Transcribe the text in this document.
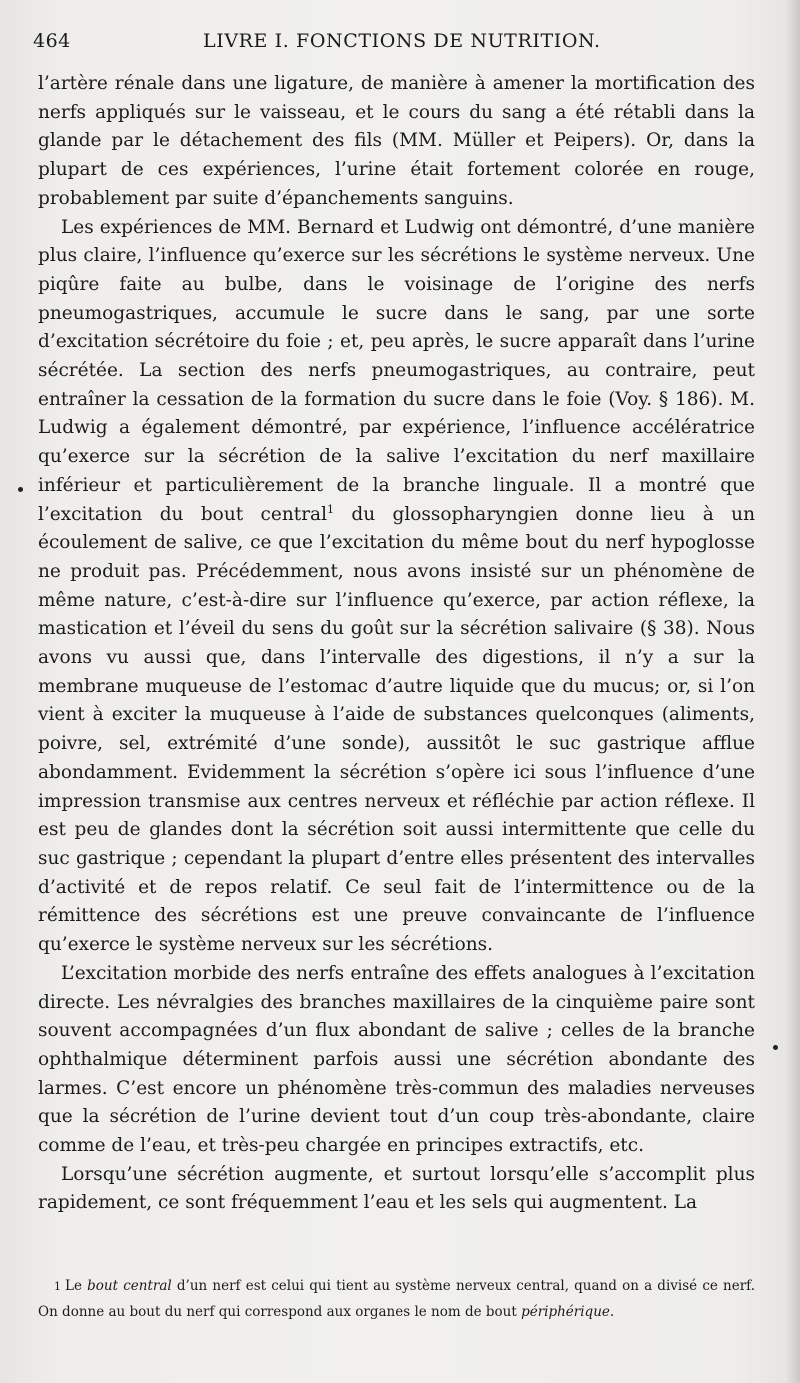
464	LIVRE I. FONCTIONS DE NUTRITION.

l’artère rénale dans une ligature, de manière à amener la mortification des nerfs appliqués sur le vaisseau, et le cours du sang a été rétabli dans la glande par le détachement des fils (MM. Müller et Peipers). Or, dans la plupart de ces expériences, l’urine était fortement colorée en rouge, probablement par suite d’épanchements sanguins.

Les expériences de MM. Bernard et Ludwig ont démontré, d’une manière plus claire, l’influence qu’exerce sur les sécrétions le système nerveux. Une piqûre faite au bulbe, dans le voisinage de l’origine des nerfs pneumogastriques, accumule le sucre dans le sang, par une sorte d’excitation sécrétoire du foie ; et, peu après, le sucre apparaît dans l’urine sécrétée. La section des nerfs pneumogastriques, au contraire, peut entraîner la cessation de la formation du sucre dans le foie (Voy. § 186). M. Ludwig a également démontré, par expérience, l’influence accélératrice qu’exerce sur la sécrétion de la salive l’excitation du nerf maxillaire inférieur et particulièrement de la branche linguale. Il a montré que l’excitation du bout central$^1$ du glossopharyngien donne lieu à un écoulement de salive, ce que l’excitation du même bout du nerf hypoglosse ne produit pas. Précédemment, nous avons insisté sur un phénomène de même nature, c’est-à-dire sur l’influence qu’exerce, par action réflexe, la mastication et l’éveil du sens du goût sur la sécrétion salivaire (§ 38). Nous avons vu aussi que, dans l’intervalle des digestions, il n’y a sur la membrane muqueuse de l’estomac d’autre liquide que du mucus; or, si l’on vient à exciter la muqueuse à l’aide de substances quelconques (aliments, poivre, sel, extrémité d’une sonde), aussitôt le suc gastrique afflue abondamment. Evidemment la sécrétion s’opère ici sous l’influence d’une impression transmise aux centres nerveux et réfléchie par action réflexe. Il est peu de glandes dont la sécrétion soit aussi intermittente que celle du suc gastrique ; cependant la plupart d’entre elles présentent des intervalles d’activité et de repos relatif. Ce seul fait de l’intermittence ou de la rémittence des sécrétions est une preuve convaincante de l’influence qu’exerce le système nerveux sur les sécrétions.

L’excitation morbide des nerfs entraîne des effets analogues à l’excitation directe. Les névralgies des branches maxillaires de la cinquième paire sont souvent accompagnées d’un flux abondant de salive ; celles de la branche ophthalmique déterminent parfois aussi une sécrétion abondante des larmes. C’est encore un phénomène très-commun des maladies nerveuses que la sécrétion de l’urine devient tout d’un coup très-abondante, claire comme de l’eau, et très-peu chargée en principes extractifs, etc.

Lorsqu’une sécrétion augmente, et surtout lorsqu’elle s’accomplit plus rapidement, ce sont fréquemment l’eau et les sels qui augmentent. La

1 Le bout central d’un nerf est celui qui tient au système nerveux central, quand on a divisé ce nerf. On donne au bout du nerf qui correspond aux organes le nom de bout périphérique.
